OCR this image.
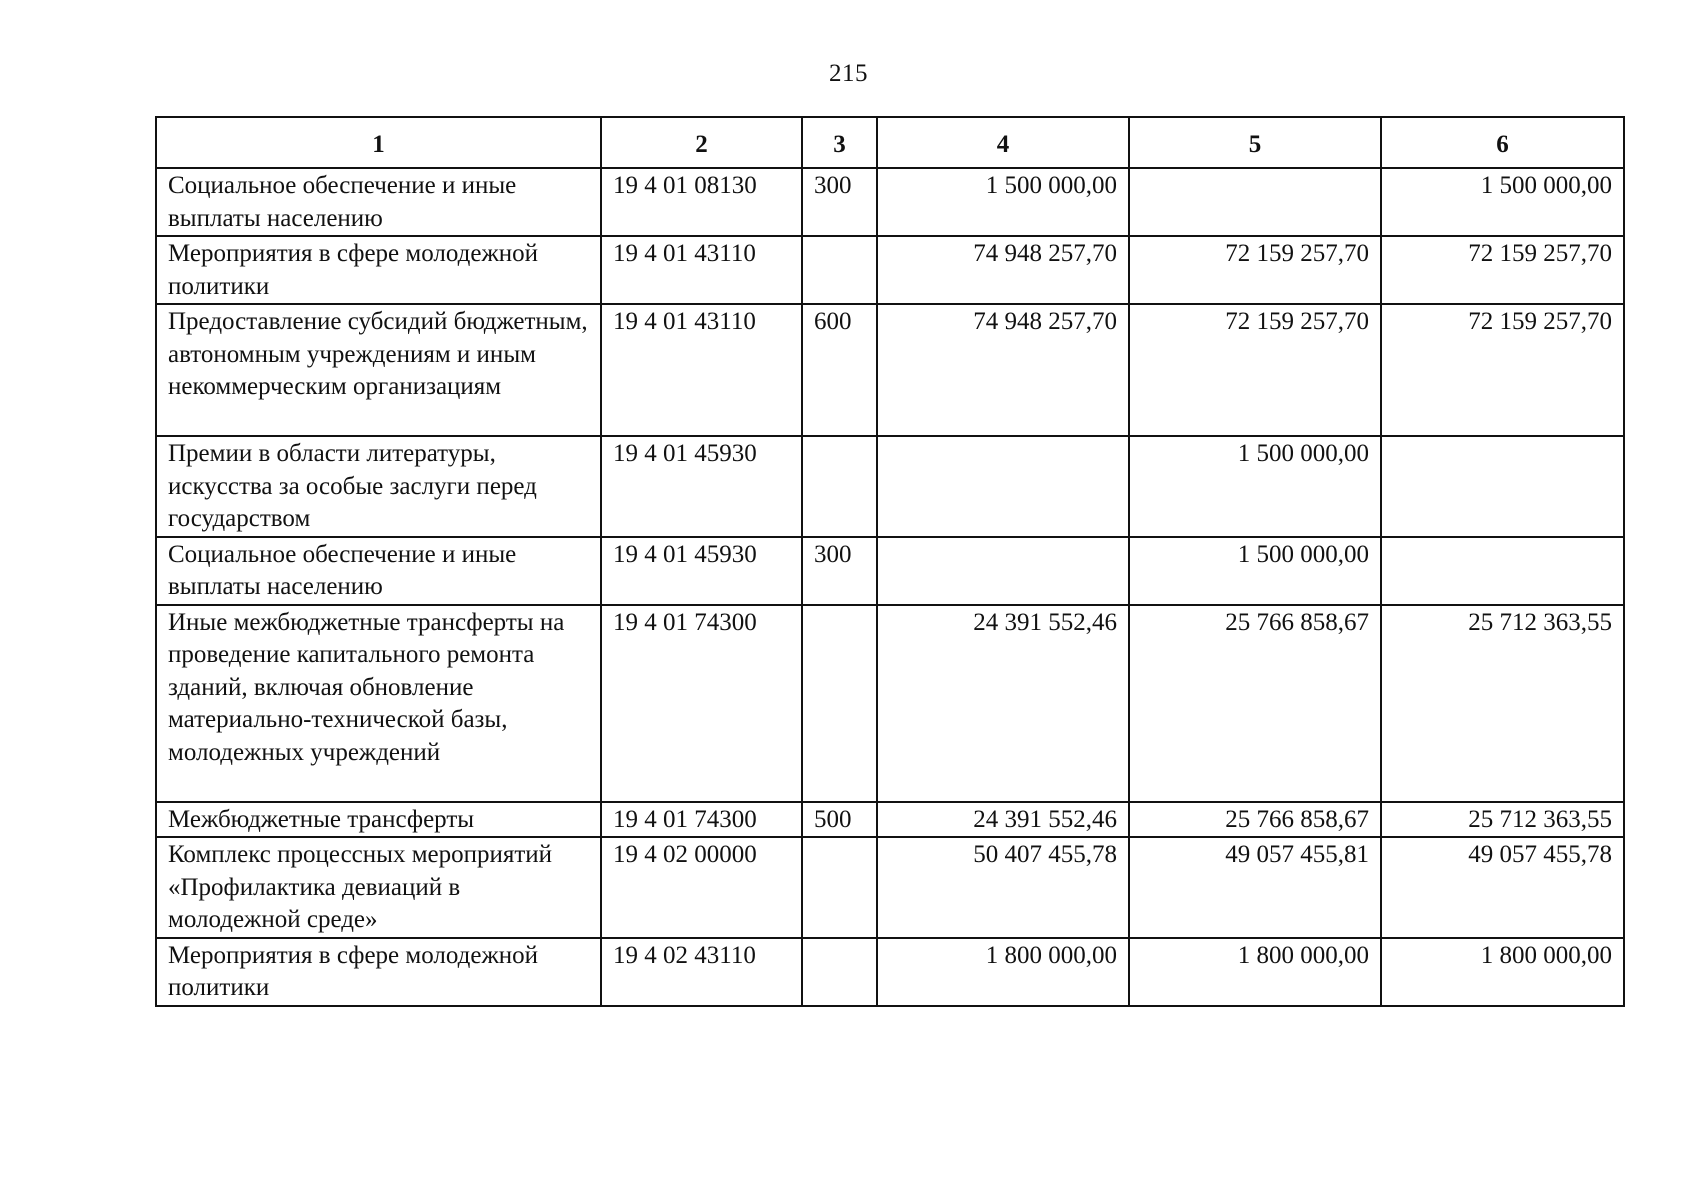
215
1	2	3	4	5	6
Социальное обеспечение и иные выплаты населению	19 4 01 08130	300	1 500 000,00		1 500 000,00
Мероприятия в сфере молодежной политики	19 4 01 43110		74 948 257,70	72 159 257,70	72 159 257,70
Предоставление субсидий бюджетным, автономным учреждениям и иным некоммерческим организациям	19 4 01 43110	600	74 948 257,70	72 159 257,70	72 159 257,70
Премии в области литературы, искусства за особые заслуги перед государством	19 4 01 45930			1 500 000,00	
Социальное обеспечение и иные выплаты населению	19 4 01 45930	300		1 500 000,00	
Иные межбюджетные трансферты на проведение капитального ремонта зданий, включая обновление материально-технической базы, молодежных учреждений	19 4 01 74300		24 391 552,46	25 766 858,67	25 712 363,55
Межбюджетные трансферты	19 4 01 74300	500	24 391 552,46	25 766 858,67	25 712 363,55
Комплекс процессных мероприятий «Профилактика девиаций в молодежной среде»	19 4 02 00000		50 407 455,78	49 057 455,81	49 057 455,78
Мероприятия в сфере молодежной политики	19 4 02 43110		1 800 000,00	1 800 000,00	1 800 000,00
